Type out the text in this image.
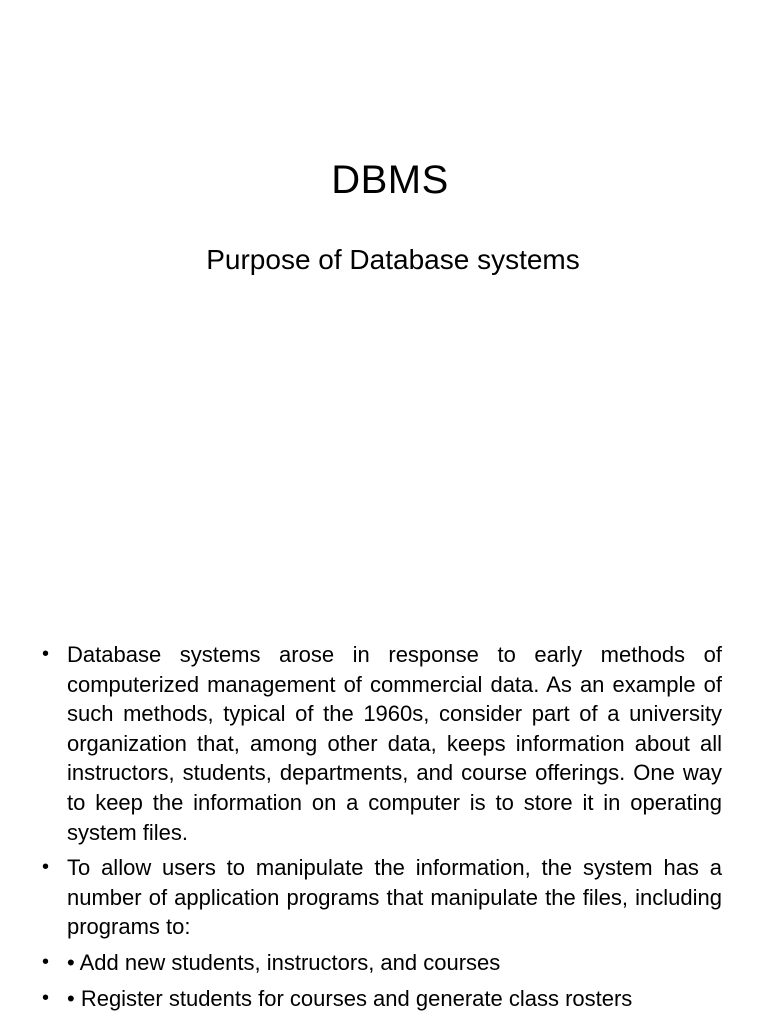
DBMS
Purpose of Database systems
• Database systems arose in response to early methods of computerized management of commercial data. As an example of such methods, typical of the 1960s, consider part of a university organization that, among other data, keeps information about all instructors, students, departments, and course offerings. One way to keep the information on a computer is to store it in operating system files.
• To allow users to manipulate the information, the system has a number of application programs that manipulate the files, including programs to:
• • Add new students, instructors, and courses
• • Register students for courses and generate class rosters
